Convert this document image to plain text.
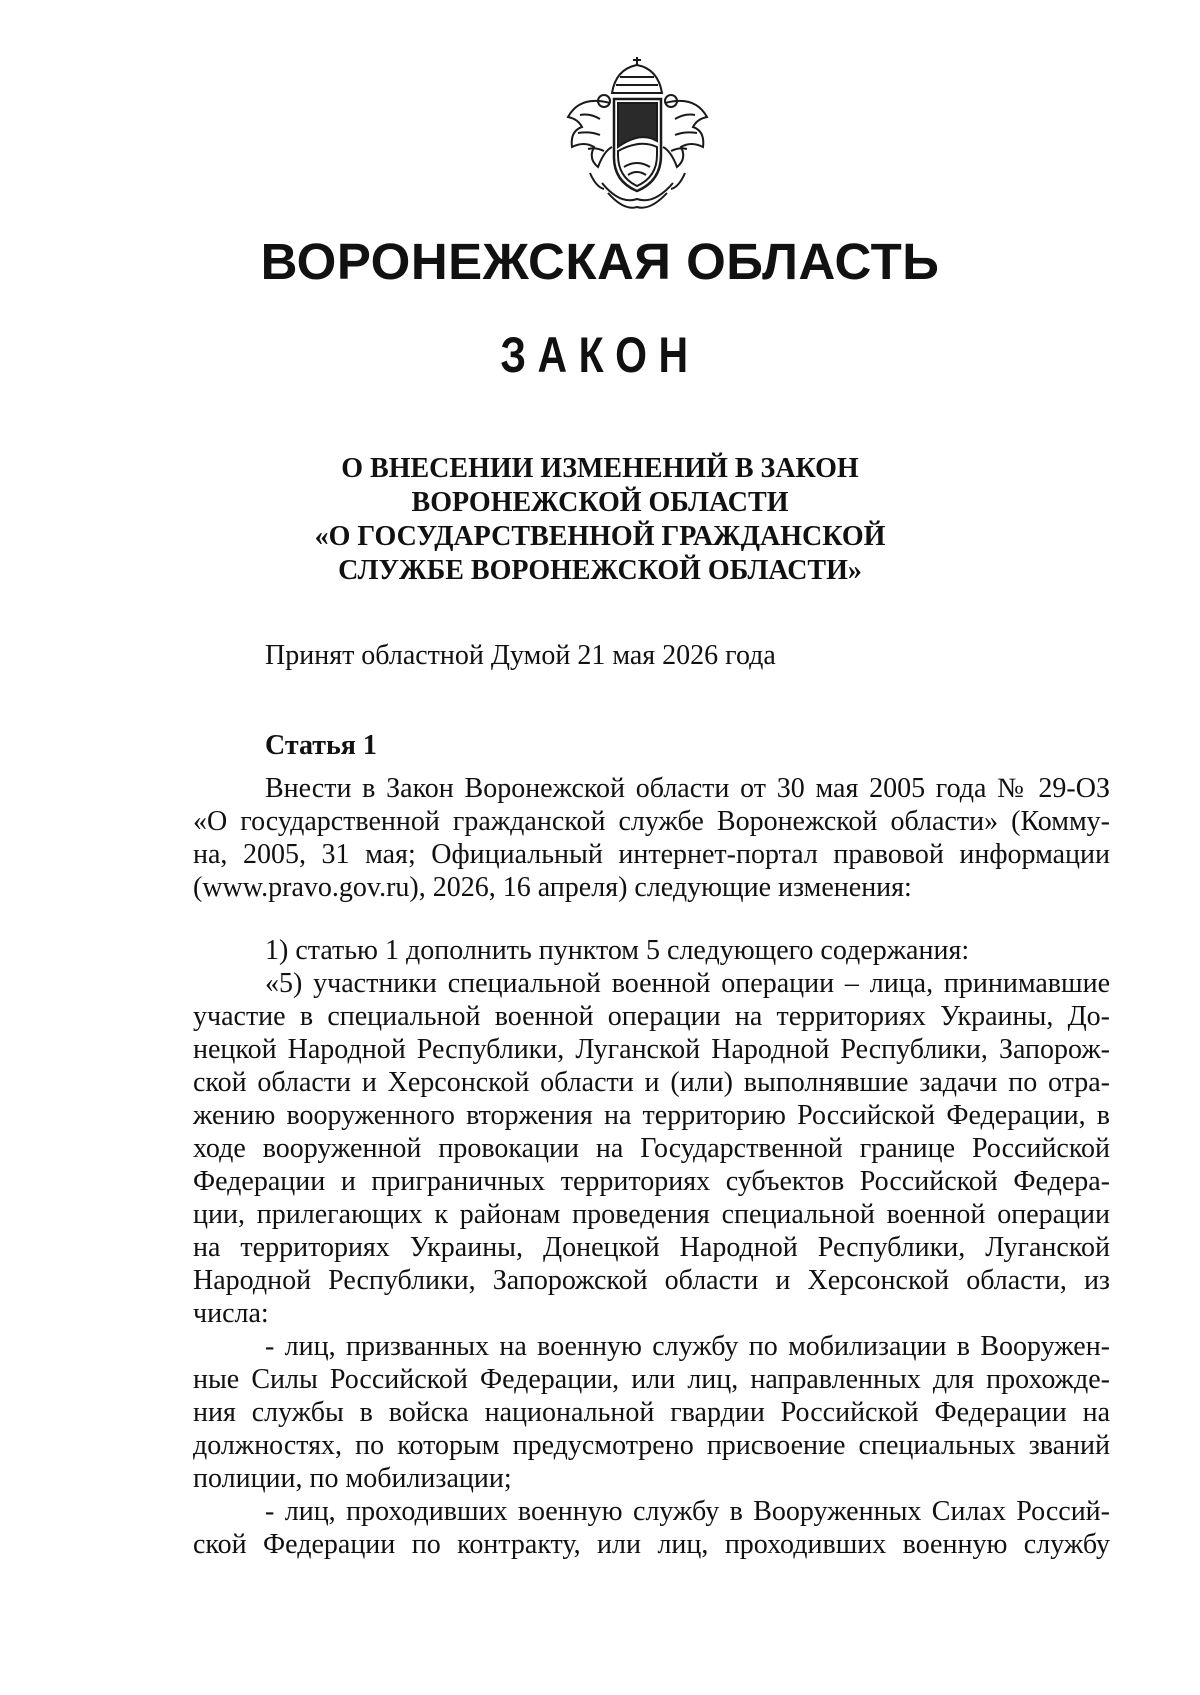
ВОРОНЕЖСКАЯ ОБЛАСТЬ
ЗАКОН
О ВНЕСЕНИИ ИЗМЕНЕНИЙ В ЗАКОН
ВОРОНЕЖСКОЙ ОБЛАСТИ
«О ГОСУДАРСТВЕННОЙ ГРАЖДАНСКОЙ
СЛУЖБЕ ВОРОНЕЖСКОЙ ОБЛАСТИ»
Принят областной Думой 21 мая 2026 года
Статья 1
Внести в Закон Воронежской области от 30 мая 2005 года № 29-ОЗ
«О государственной гражданской службе Воронежской области» (Комму-
на, 2005, 31 мая; Официальный интернет-портал правовой информации
(www.pravo.gov.ru), 2026, 16 апреля) следующие изменения:
1) статью 1 дополнить пунктом 5 следующего содержания:
«5) участники специальной военной операции – лица, принимавшие
участие в специальной военной операции на территориях Украины, До-
нецкой Народной Республики, Луганской Народной Республики, Запорож-
ской области и Херсонской области и (или) выполнявшие задачи по отра-
жению вооруженного вторжения на территорию Российской Федерации, в
ходе вооруженной провокации на Государственной границе Российской
Федерации и приграничных территориях субъектов Российской Федера-
ции, прилегающих к районам проведения специальной военной операции
на территориях Украины, Донецкой Народной Республики, Луганской
Народной Республики, Запорожской области и Херсонской области, из
числа:
- лиц, призванных на военную службу по мобилизации в Вооружен-
ные Силы Российской Федерации, или лиц, направленных для прохожде-
ния службы в войска национальной гвардии Российской Федерации на
должностях, по которым предусмотрено присвоение специальных званий
полиции, по мобилизации;
- лиц, проходивших военную службу в Вооруженных Силах Россий-
ской Федерации по контракту, или лиц, проходивших военную службу
